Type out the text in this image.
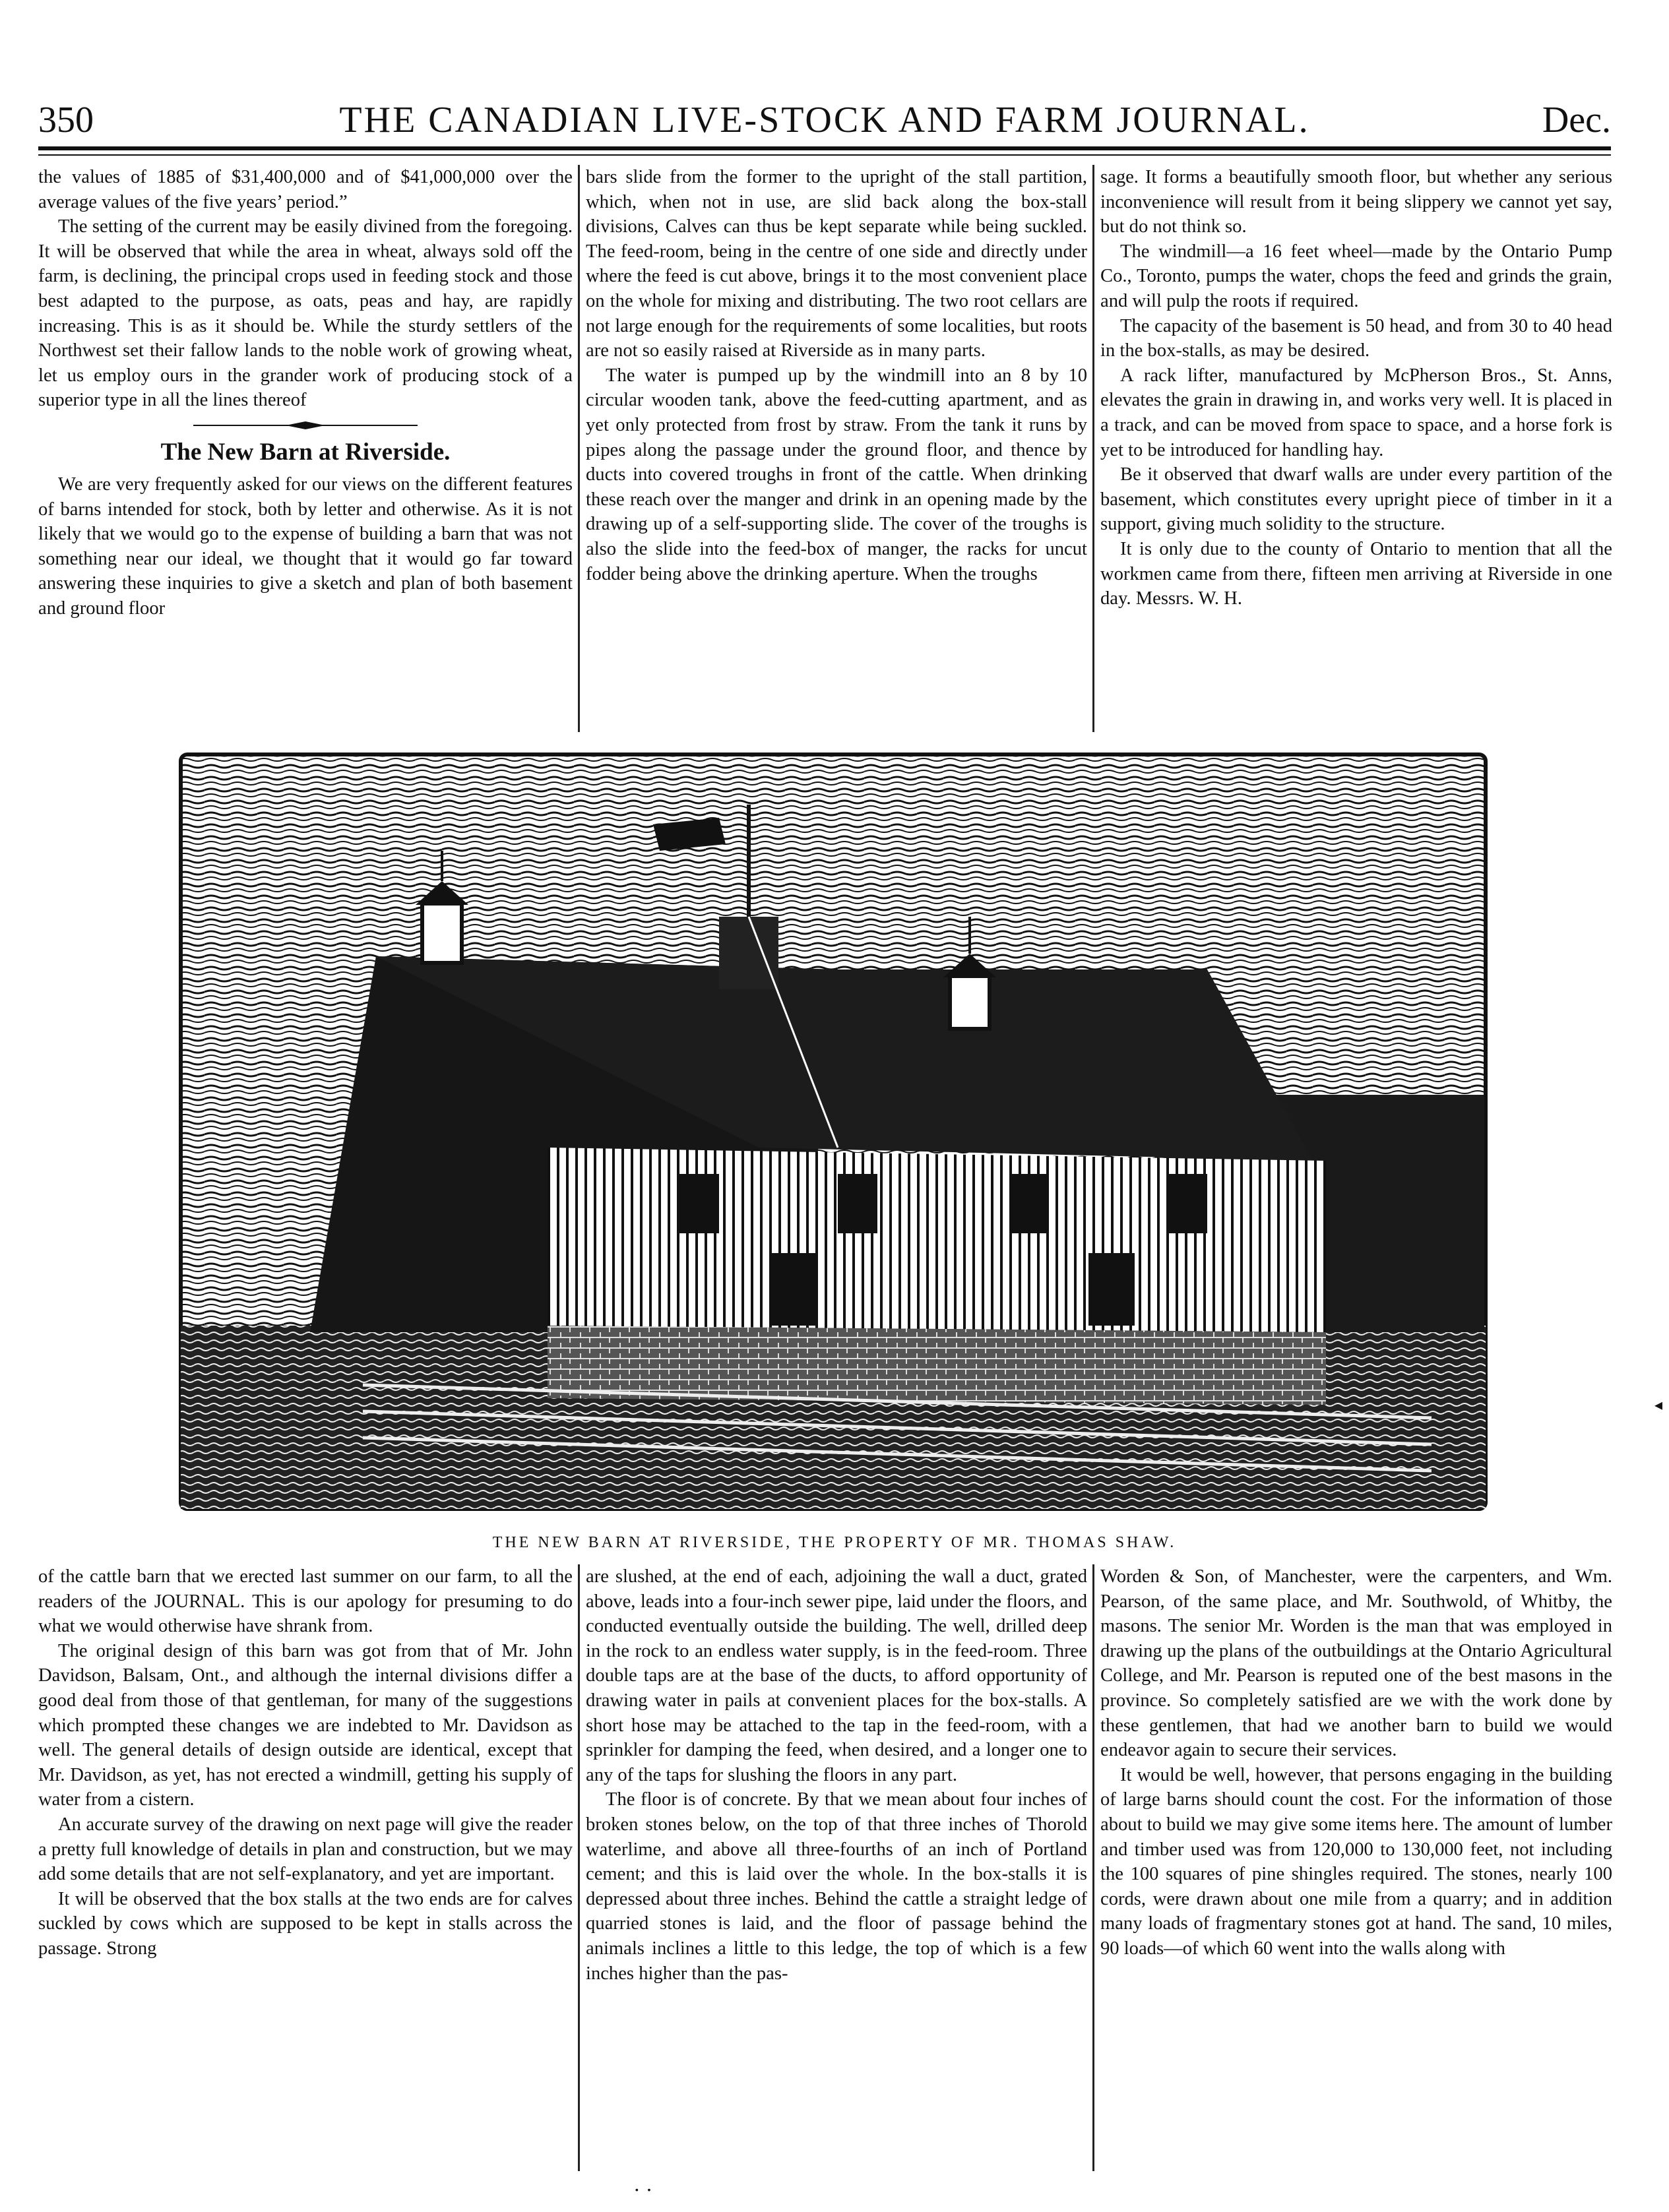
350	THE CANADIAN LIVE-STOCK AND FARM JOURNAL.	Dec.

the values of 1885 of $31,400,000 and of $41,000,000 over the average values of the five years’ period.”

The setting of the current may be easily divined from the foregoing. It will be observed that while the area in wheat, always sold off the farm, is declining, the principal crops used in feeding stock and those best adapted to the purpose, as oats, peas and hay, are rapidly increasing. This is as it should be. While the sturdy settlers of the Northwest set their fallow lands to the noble work of growing wheat, let us employ ours in the grander work of producing stock of a superior type in all the lines thereof

The New Barn at Riverside.

We are very frequently asked for our views on the different features of barns intended for stock, both by letter and otherwise. As it is not likely that we would go to the expense of building a barn that was not something near our ideal, we thought that it would go far toward answering these inquiries to give a sketch and plan of both basement and ground floor

bars slide from the former to the upright of the stall partition, which, when not in use, are slid back along the box-stall divisions, Calves can thus be kept separate while being suckled. The feed-room, being in the centre of one side and directly under where the feed is cut above, brings it to the most convenient place on the whole for mixing and distributing. The two root cellars are not large enough for the requirements of some localities, but roots are not so easily raised at Riverside as in many parts.

The water is pumped up by the windmill into an 8 by 10 circular wooden tank, above the feed-cutting apartment, and as yet only protected from frost by straw. From the tank it runs by pipes along the passage under the ground floor, and thence by ducts into covered troughs in front of the cattle. When drinking these reach over the manger and drink in an opening made by the drawing up of a self-supporting slide. The cover of the troughs is also the slide into the feed-box of manger, the racks for uncut fodder being above the drinking aperture. When the troughs

sage. It forms a beautifully smooth floor, but whether any serious inconvenience will result from it being slippery we cannot yet say, but do not think so.

The windmill—a 16 feet wheel—made by the Ontario Pump Co., Toronto, pumps the water, chops the feed and grinds the grain, and will pulp the roots if required.

The capacity of the basement is 50 head, and from 30 to 40 head in the box-stalls, as may be desired.

A rack lifter, manufactured by McPherson Bros., St. Anns, elevates the grain in drawing in, and works very well. It is placed in a track, and can be moved from space to space, and a horse fork is yet to be introduced for handling hay.

Be it observed that dwarf walls are under every partition of the basement, which constitutes every upright piece of timber in it a support, giving much solidity to the structure.

It is only due to the county of Ontario to mention that all the workmen came from there, fifteen men arriving at Riverside in one day. Messrs. W. H.

THE NEW BARN AT RIVERSIDE, THE PROPERTY OF MR. THOMAS SHAW.

of the cattle barn that we erected last summer on our farm, to all the readers of the JOURNAL. This is our apology for presuming to do what we would otherwise have shrank from.

The original design of this barn was got from that of Mr. John Davidson, Balsam, Ont., and although the internal divisions differ a good deal from those of that gentleman, for many of the suggestions which prompted these changes we are indebted to Mr. Davidson as well. The general details of design outside are identical, except that Mr. Davidson, as yet, has not erected a windmill, getting his supply of water from a cistern.

An accurate survey of the drawing on next page will give the reader a pretty full knowledge of details in plan and construction, but we may add some details that are not self-explanatory, and yet are important.

It will be observed that the box stalls at the two ends are for calves suckled by cows which are supposed to be kept in stalls across the passage. Strong

are slushed, at the end of each, adjoining the wall a duct, grated above, leads into a four-inch sewer pipe, laid under the floors, and conducted eventually outside the building. The well, drilled deep in the rock to an endless water supply, is in the feed-room. Three double taps are at the base of the ducts, to afford opportunity of drawing water in pails at convenient places for the box-stalls. A short hose may be attached to the tap in the feed-room, with a sprinkler for damping the feed, when desired, and a longer one to any of the taps for slushing the floors in any part.

The floor is of concrete. By that we mean about four inches of broken stones below, on the top of that three inches of Thorold waterlime, and above all three-fourths of an inch of Portland cement; and this is laid over the whole. In the box-stalls it is depressed about three inches. Behind the cattle a straight ledge of quarried stones is laid, and the floor of passage behind the animals inclines a little to this ledge, the top of which is a few inches higher than the pas-

Worden & Son, of Manchester, were the carpenters, and Wm. Pearson, of the same place, and Mr. Southwold, of Whitby, the masons. The senior Mr. Worden is the man that was employed in drawing up the plans of the outbuildings at the Ontario Agricultural College, and Mr. Pearson is reputed one of the best masons in the province. So completely satisfied are we with the work done by these gentlemen, that had we another barn to build we would endeavor again to secure their services.

It would be well, however, that persons engaging in the building of large barns should count the cost. For the information of those about to build we may give some items here. The amount of lumber and timber used was from 120,000 to 130,000 feet, not including the 100 squares of pine shingles required. The stones, nearly 100 cords, were drawn about one mile from a quarry; and in addition many loads of fragmentary stones got at hand. The sand, 10 miles, 90 loads—of which 60 went into the walls along with

· ·
◂
